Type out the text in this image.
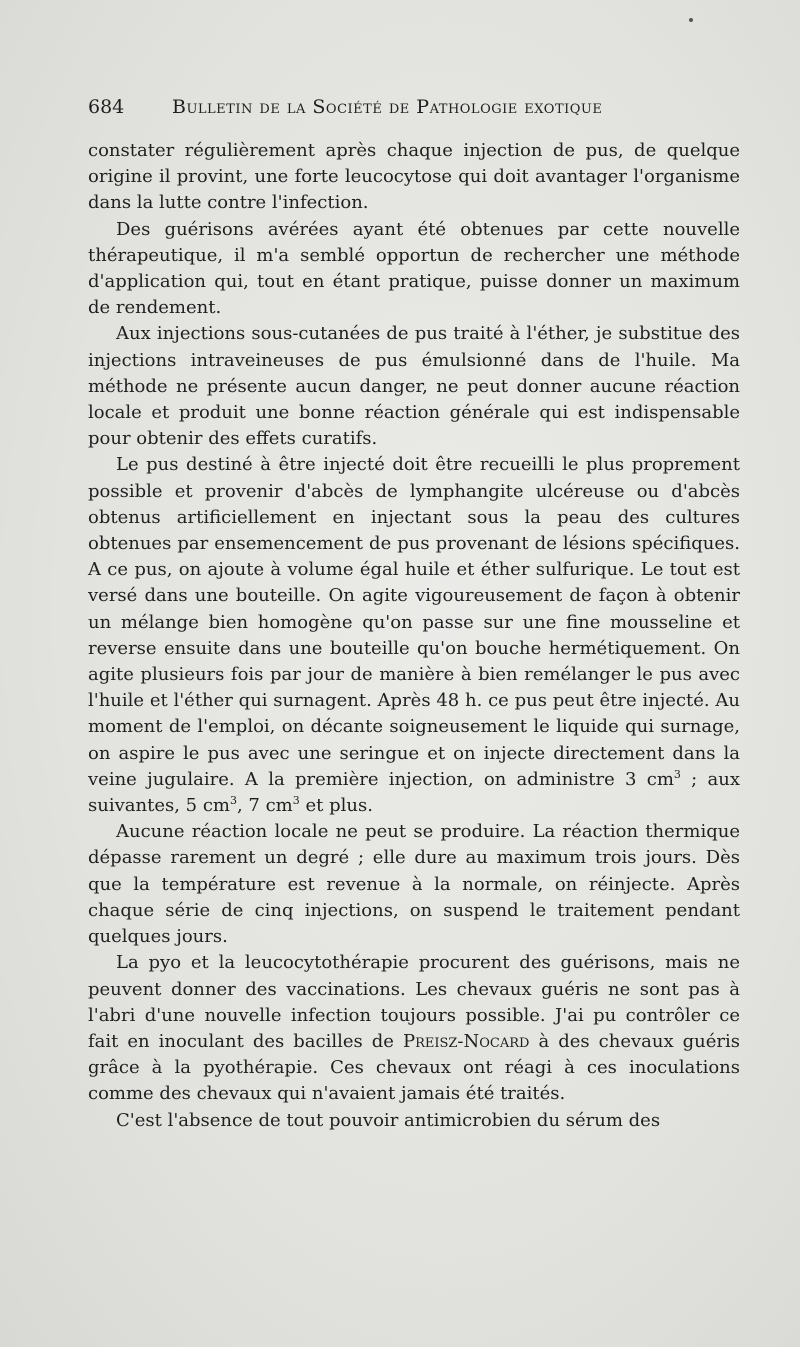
684	Bulletin de la Société de Pathologie exotique

constater régulièrement après chaque injection de pus, de quelque origine il provint, une forte leucocytose qui doit avantager l'organisme dans la lutte contre l'infection.

Des guérisons avérées ayant été obtenues par cette nouvelle thérapeutique, il m'a semblé opportun de rechercher une méthode d'application qui, tout en étant pratique, puisse donner un maximum de rendement.

Aux injections sous-cutanées de pus traité à l'éther, je substitue des injections intraveineuses de pus émulsionné dans de l'huile. Ma méthode ne présente aucun danger, ne peut donner aucune réaction locale et produit une bonne réaction générale qui est indispensable pour obtenir des effets curatifs.

Le pus destiné à être injecté doit être recueilli le plus proprement possible et provenir d'abcès de lymphangite ulcéreuse ou d'abcès obtenus artificiellement en injectant sous la peau des cultures obtenues par ensemencement de pus provenant de lésions spécifiques. A ce pus, on ajoute à volume égal huile et éther sulfurique. Le tout est versé dans une bouteille. On agite vigoureusement de façon à obtenir un mélange bien homogène qu'on passe sur une fine mousseline et reverse ensuite dans une bouteille qu'on bouche hermétiquement. On agite plusieurs fois par jour de manière à bien remélanger le pus avec l'huile et l'éther qui surnagent. Après 48 h. ce pus peut être injecté. Au moment de l'emploi, on décante soigneusement le liquide qui surnage, on aspire le pus avec une seringue et on injecte directement dans la veine jugulaire. A la première injection, on administre 3 $cm^3$ ; aux suivantes, 5 $cm^3$, 7 $cm^3$ et plus.

Aucune réaction locale ne peut se produire. La réaction thermique dépasse rarement un degré ; elle dure au maximum trois jours. Dès que la température est revenue à la normale, on réinjecte. Après chaque série de cinq injections, on suspend le traitement pendant quelques jours.

La pyo et la leucocytothérapie procurent des guérisons, mais ne peuvent donner des vaccinations. Les chevaux guéris ne sont pas à l'abri d'une nouvelle infection toujours possible. J'ai pu contrôler ce fait en inoculant des bacilles de Preisz-Nocard à des chevaux guéris grâce à la pyothérapie. Ces chevaux ont réagi à ces inoculations comme des chevaux qui n'avaient jamais été traités.

C'est l'absence de tout pouvoir antimicrobien du sérum des
